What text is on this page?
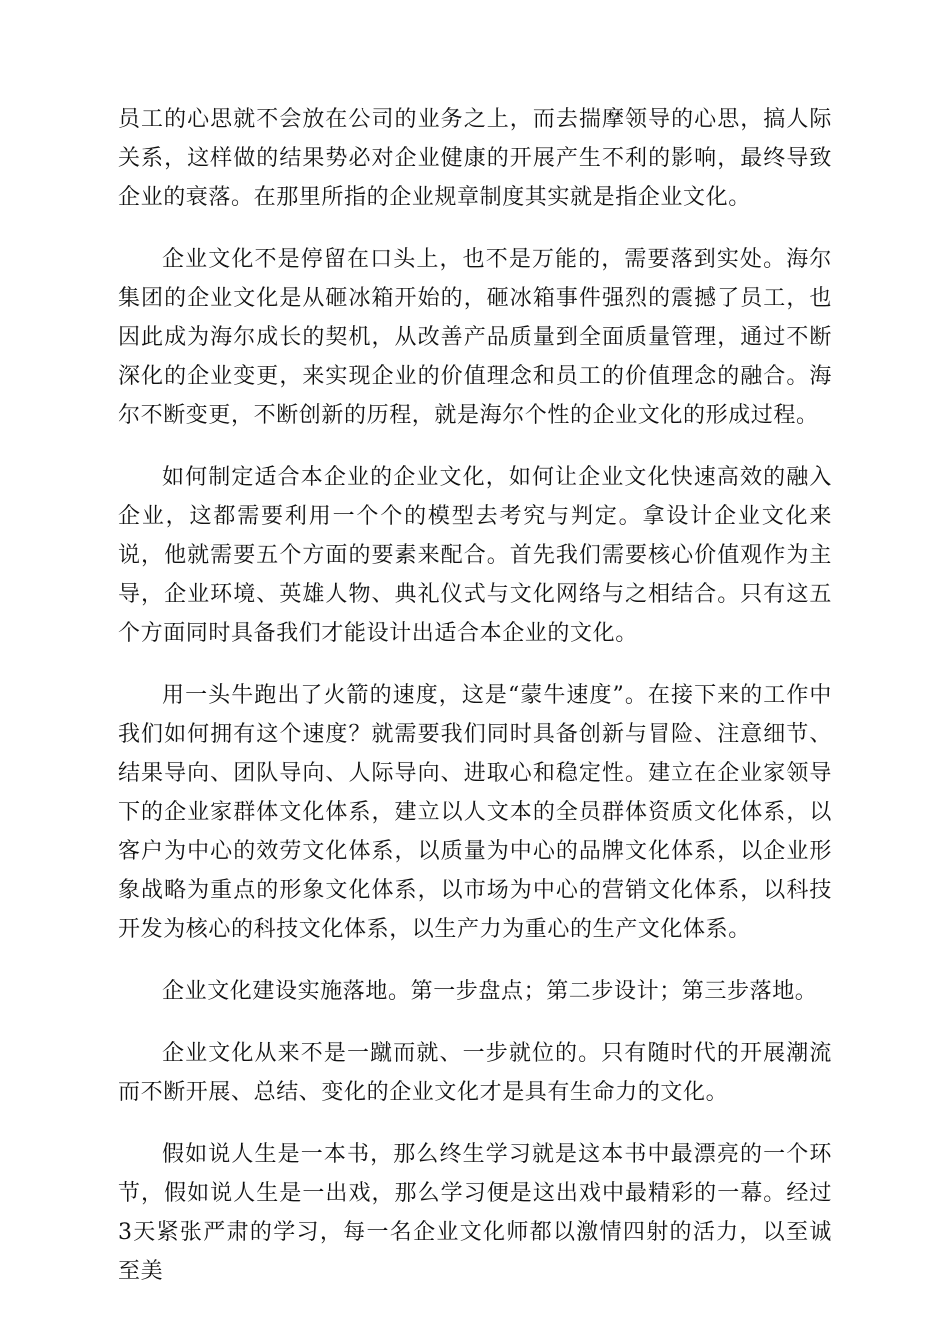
员工的心思就不会放在公司的业务之上，而去揣摩领导的心思，搞人际关系，这样做的结果势必对企业健康的开展产生不利的影响，最终导致企业的衰落。在那里所指的企业规章制度其实就是指企业文化。

企业文化不是停留在口头上，也不是万能的，需要落到实处。海尔集团的企业文化是从砸冰箱开始的，砸冰箱事件强烈的震撼了员工，也因此成为海尔成长的契机，从改善产品质量到全面质量管理，通过不断深化的企业变更，来实现企业的价值理念和员工的价值理念的融合。海尔不断变更，不断创新的历程，就是海尔个性的企业文化的形成过程。

如何制定适合本企业的企业文化，如何让企业文化快速高效的融入企业，这都需要利用一个个的模型去考究与判定。拿设计企业文化来说，他就需要五个方面的要素来配合。首先我们需要核心价值观作为主导，企业环境、英雄人物、典礼仪式与文化网络与之相结合。只有这五个方面同时具备我们才能设计出适合本企业的文化。

用一头牛跑出了火箭的速度，这是“蒙牛速度”。在接下来的工作中我们如何拥有这个速度？就需要我们同时具备创新与冒险、注意细节、结果导向、团队导向、人际导向、进取心和稳定性。建立在企业家领导下的企业家群体文化体系，建立以人文本的全员群体资质文化体系，以客户为中心的效劳文化体系，以质量为中心的品牌文化体系，以企业形象战略为重点的形象文化体系，以市场为中心的营销文化体系，以科技开发为核心的科技文化体系，以生产力为重心的生产文化体系。

企业文化建设实施落地。第一步盘点；第二步设计；第三步落地。

企业文化从来不是一蹴而就、一步就位的。只有随时代的开展潮流而不断开展、总结、变化的企业文化才是具有生命力的文化。

假如说人生是一本书，那么终生学习就是这本书中最漂亮的一个环节，假如说人生是一出戏，那么学习便是这出戏中最精彩的一幕。经过3天紧张严肃的学习，每一名企业文化师都以激情四射的活力，以至诚至美
